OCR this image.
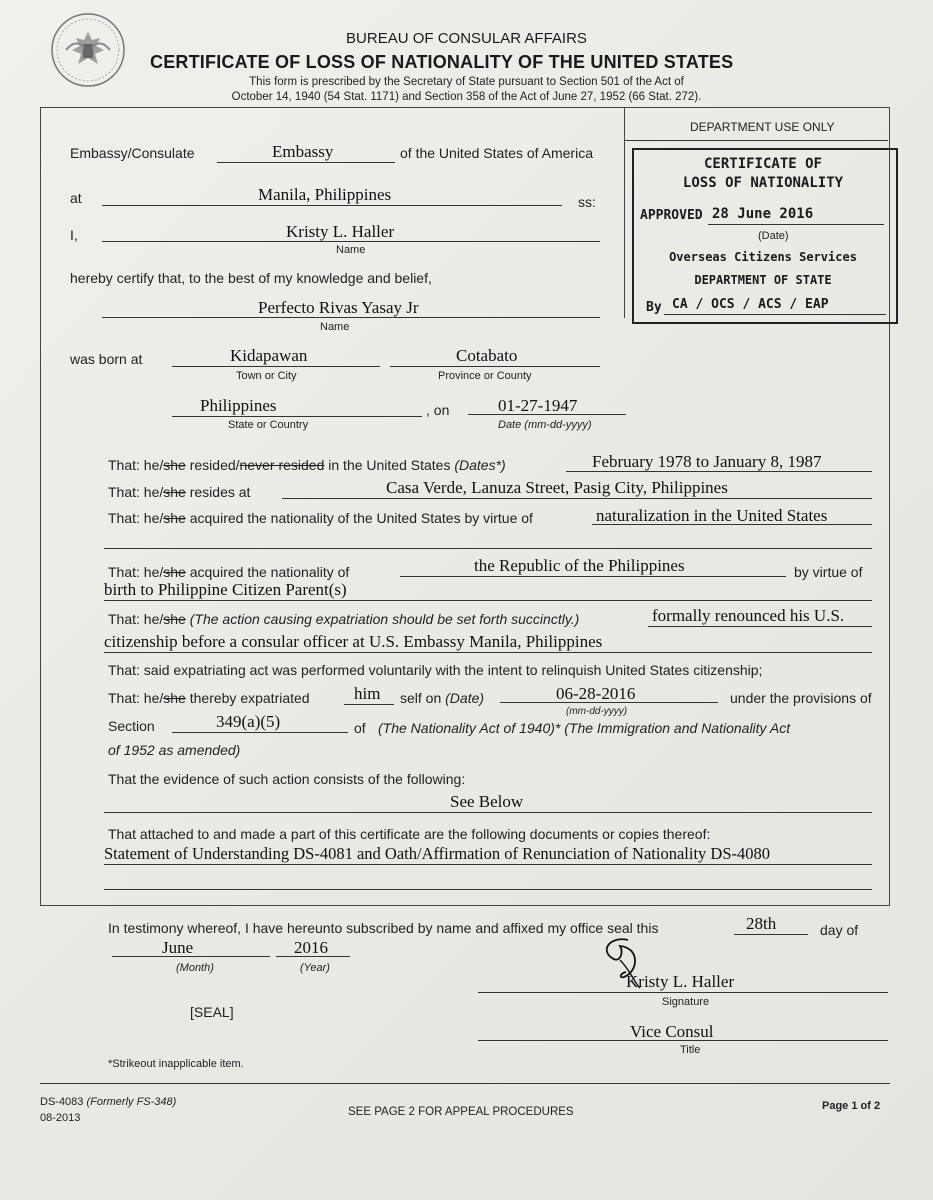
BUREAU OF CONSULAR AFFAIRS
CERTIFICATE OF LOSS OF NATIONALITY OF THE UNITED STATES
This form is prescribed by the Secretary of State pursuant to Section 501 of the Act of
October 14, 1940 (54 Stat. 1171) and Section 358 of the Act of June 27, 1952 (66 Stat. 272).
DEPARTMENT USE ONLY
CERTIFICATE OF
LOSS OF NATIONALITY
APPROVED 28 June 2016
(Date)
Overseas Citizens Services
DEPARTMENT OF STATE
By CA / OCS / ACS / EAP
Embassy/Consulate	Embassy	of the United States of America
at	Manila, Philippines	ss:
I,	Kristy L. Haller
Name
hereby certify that, to the best of my knowledge and belief,
Perfecto Rivas Yasay Jr
Name
was born at	Kidapawan
Town or City
Cotabato
Province or County
Philippines
State or Country
, on	01-27-1947
Date (mm-dd-yyyy)
That: he/she resided/never resided in the United States (Dates*)	February 1978 to January 8, 1987
That: he/she resides at	Casa Verde, Lanuza Street, Pasig City, Philippines
That: he/she acquired the nationality of the United States by virtue of	naturalization in the United States
That: he/she acquired the nationality of	the Republic of the Philippines	by virtue of
birth to Philippine Citizen Parent(s)
That: he/she (The action causing expatriation should be set forth succinctly.)	formally renounced his U.S.
citizenship before a consular officer at U.S. Embassy Manila, Philippines
That: said expatriating act was performed voluntarily with the intent to relinquish United States citizenship;
That: he/she thereby expatriated	him self on (Date)	06-28-2016
(mm-dd-yyyy)
under the provisions of
Section	349(a)(5)	of (The Nationality Act of 1940)* (The Immigration and Nationality Act
of 1952 as amended)
That the evidence of such action consists of the following:
See Below
That attached to and made a part of this certificate are the following documents or copies thereof:
Statement of Understanding DS-4081 and Oath/Affirmation of Renunciation of Nationality DS-4080
In testimony whereof, I have hereunto subscribed by name and affixed my office seal this	28th	day of
June
(Month)
2016
(Year)
[SEAL]
Kristy L. Haller
Signature
Vice Consul
Title
*Strikeout inapplicable item.
DS-4083 (Formerly FS-348)
08-2013	SEE PAGE 2 FOR APPEAL PROCEDURES	Page 1 of 2
